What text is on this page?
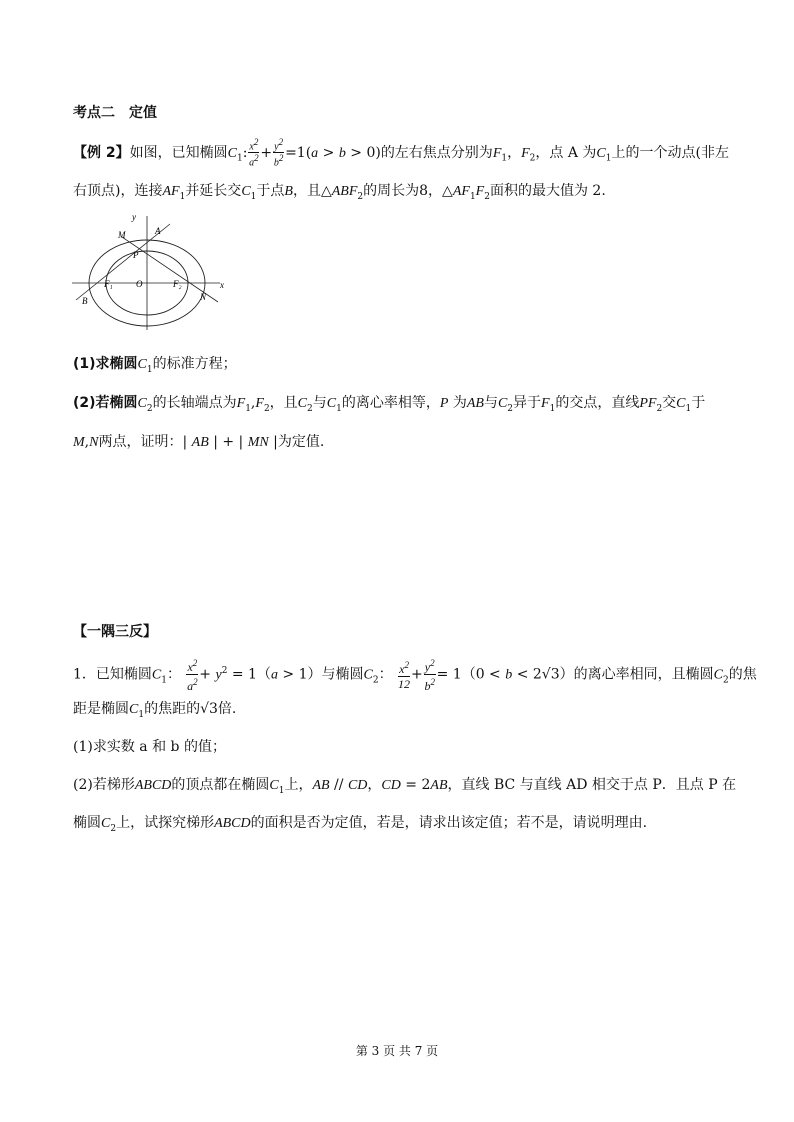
考点二　定值
【例 2】如图，已知椭圆$C_1$: $\frac{x^2}{a^2} + \frac{y^2}{b^2} =1(a > b > 0)$的左右焦点分别为$F_1$，$F_2$，点 A 为$C_1$上的一个动点(非左
右顶点)，连接$AF_1$并延长交$C_1$于点B，且$\triangle ABF_2$的周长为8，$\triangle AF_1F_2$面积的最大值为 2.
y
x
M	A
P
F₁	O	F₂
N
B
(1)求椭圆$C_1$的标准方程；
(2)若椭圆$C_2$的长轴端点为$F_1,F_2$，且$C_2$与$C_1$的离心率相等，P 为AB与$C_2$异于$F_1$的交点，直线$PF_2$交$C_1$于
M,N两点，证明：| AB | + | MN |为定值.
【一隅三反】
1．已知椭圆$C_1$： $\frac{x^2}{a^2} + y^2 = 1(a > 1)$与椭圆$C_2$： $\frac{x^2}{12} + \frac{y^2}{b^2} = 1(0 < b < 2√3)$的离心率相同，且椭圆$C_2$的焦
距是椭圆$C_1$的焦距的√3倍.
(1)求实数 a 和 b 的值；
(2)若梯形ABCD的顶点都在椭圆$C_1$上，AB // CD，CD = 2AB，直线 BC 与直线 AD 相交于点 P．且点 P 在
椭圆$C_2$上，试探究梯形ABCD的面积是否为定值，若是，请求出该定值；若不是，请说明理由.
第 3 页 共 7 页
